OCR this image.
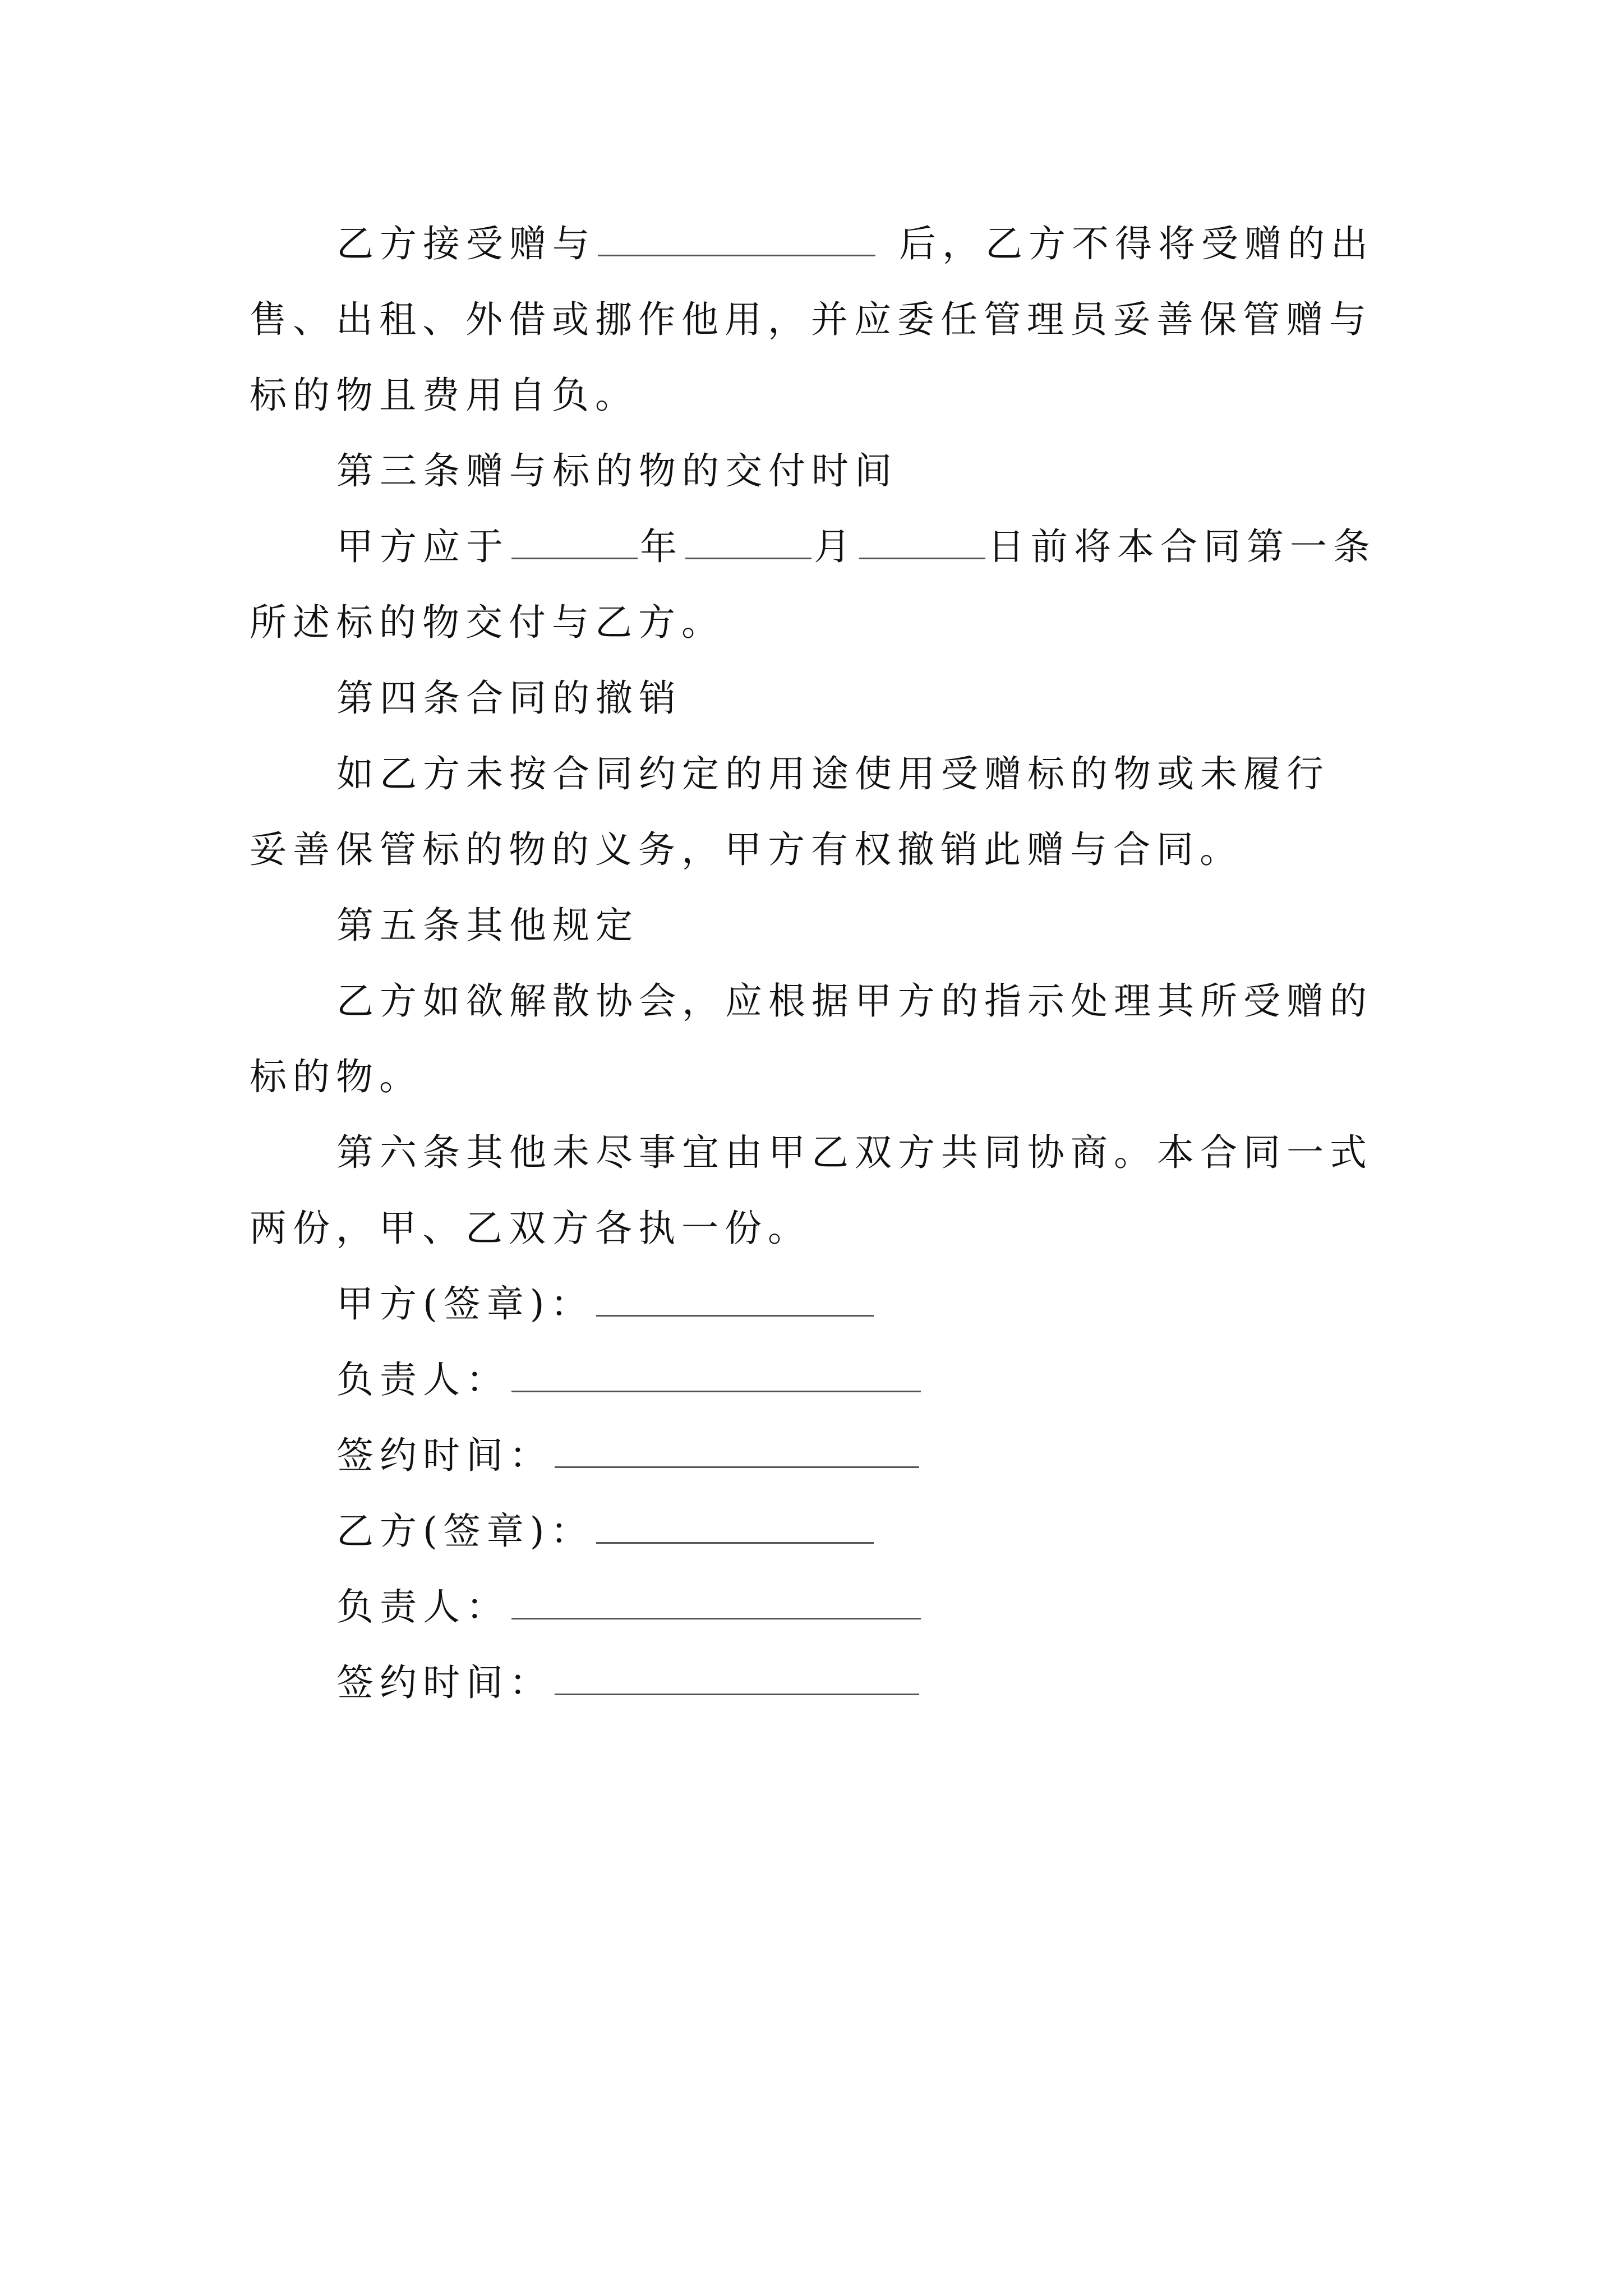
乙方接受赠与	后，乙方不得将受赠的出
售、出租、外借或挪作他用，并应委任管理员妥善保管赠与
标的物且费用自负。
第三条赠与标的物的交付时间
甲方应于	年	月	日前将本合同第一条
所述标的物交付与乙方。
第四条合同的撤销
如乙方未按合同约定的用途使用受赠标的物或未履行
妥善保管标的物的义务，甲方有权撤销此赠与合同。
第五条其他规定
乙方如欲解散协会，应根据甲方的指示处理其所受赠的
标的物。
第六条其他未尽事宜由甲乙双方共同协商。本合同一式
两份，甲、乙双方各执一份。
甲方(签章)：
负责人：
签约时间：
乙方(签章)：
负责人：
签约时间：
